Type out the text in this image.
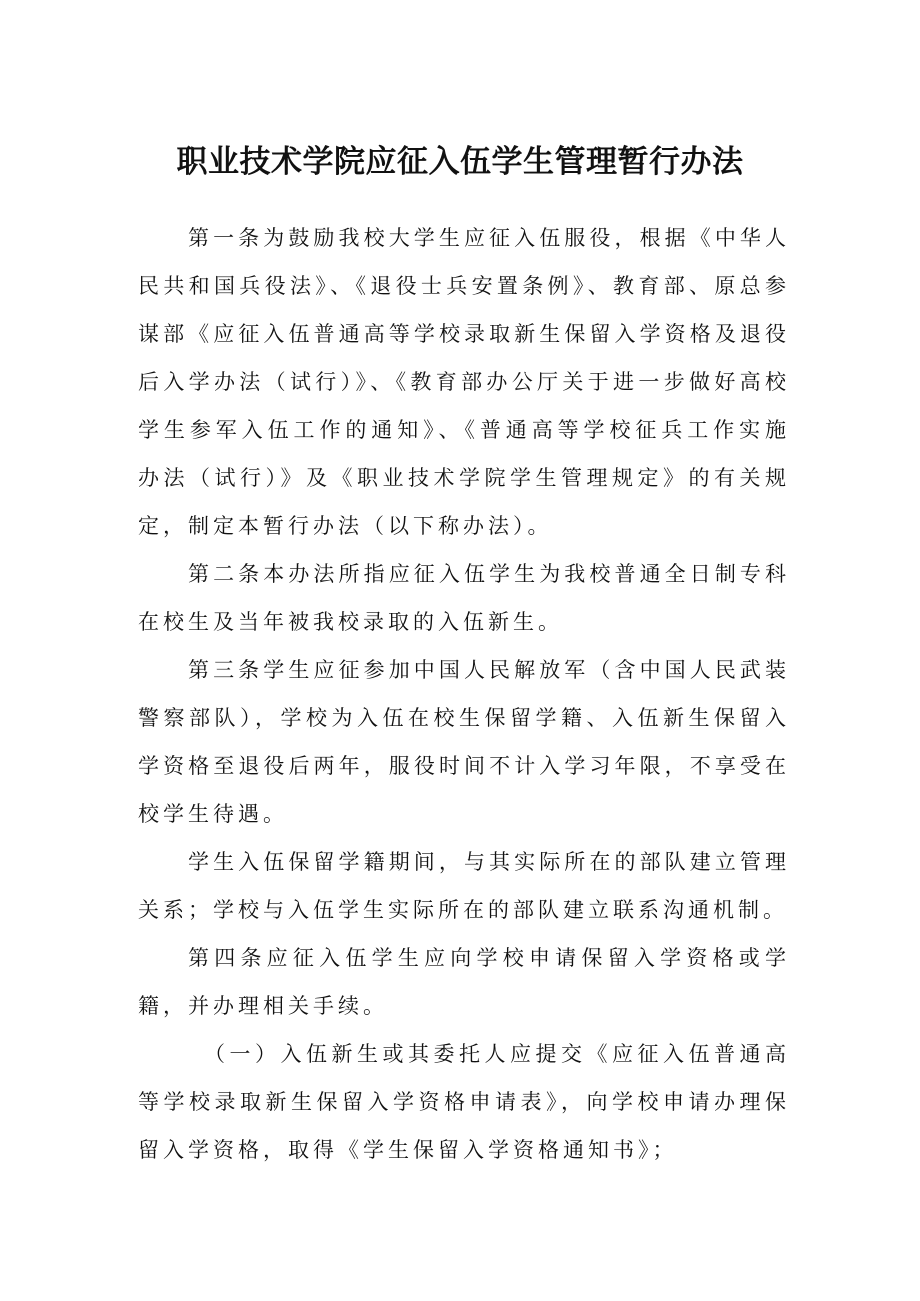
职业技术学院应征入伍学生管理暂行办法

第一条为鼓励我校大学生应征入伍服役，根据《中华人民共和国兵役法》、《退役士兵安置条例》、教育部、原总参谋部《应征入伍普通高等学校录取新生保留入学资格及退役后入学办法（试行）》、《教育部办公厅关于进一步做好高校学生参军入伍工作的通知》、《普通高等学校征兵工作实施办法（试行）》及《职业技术学院学生管理规定》的有关规定，制定本暂行办法（以下称办法）。

第二条本办法所指应征入伍学生为我校普通全日制专科在校生及当年被我校录取的入伍新生。

第三条学生应征参加中国人民解放军（含中国人民武装警察部队），学校为入伍在校生保留学籍、入伍新生保留入学资格至退役后两年，服役时间不计入学习年限，不享受在校学生待遇。

学生入伍保留学籍期间，与其实际所在的部队建立管理关系；学校与入伍学生实际所在的部队建立联系沟通机制。

第四条应征入伍学生应向学校申请保留入学资格或学籍，并办理相关手续。

（一）入伍新生或其委托人应提交《应征入伍普通高等学校录取新生保留入学资格申请表》，向学校申请办理保留入学资格，取得《学生保留入学资格通知书》；
